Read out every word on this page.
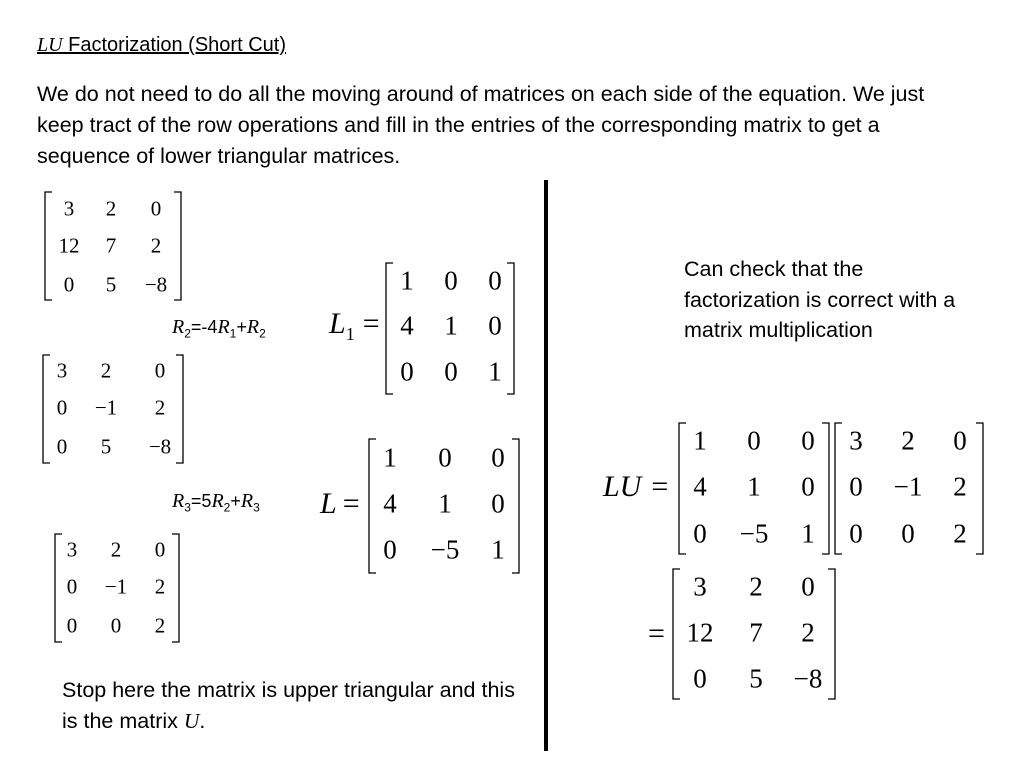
LU Factorization (Short Cut)
We do not need to do all the moving around of matrices on each side of the equation. We just keep tract of the row operations and fill in the entries of the corresponding matrix to get a sequence of lower triangular matrices.
3 2 0
12 7 2
0 5 −8
$R_2=-4R_1+R_2$
3 2 0
0 −1 2
0 5 −8
$R_3=5R_2+R_3$
3 2 0
0 −1 2
0 0 2
$L_1$ =
1 0 0
4 1 0
0 0 1
L =
1 0 0
4 1 0
0 −5 1
Stop here the matrix is upper triangular and this is the matrix U.
Can check that the factorization is correct with a matrix multiplication
LU =
1 0 0
4 1 0
0 −5 1
3 2 0
0 −1 2
0 0 2
=
3 2 0
12 7 2
0 5 −8
